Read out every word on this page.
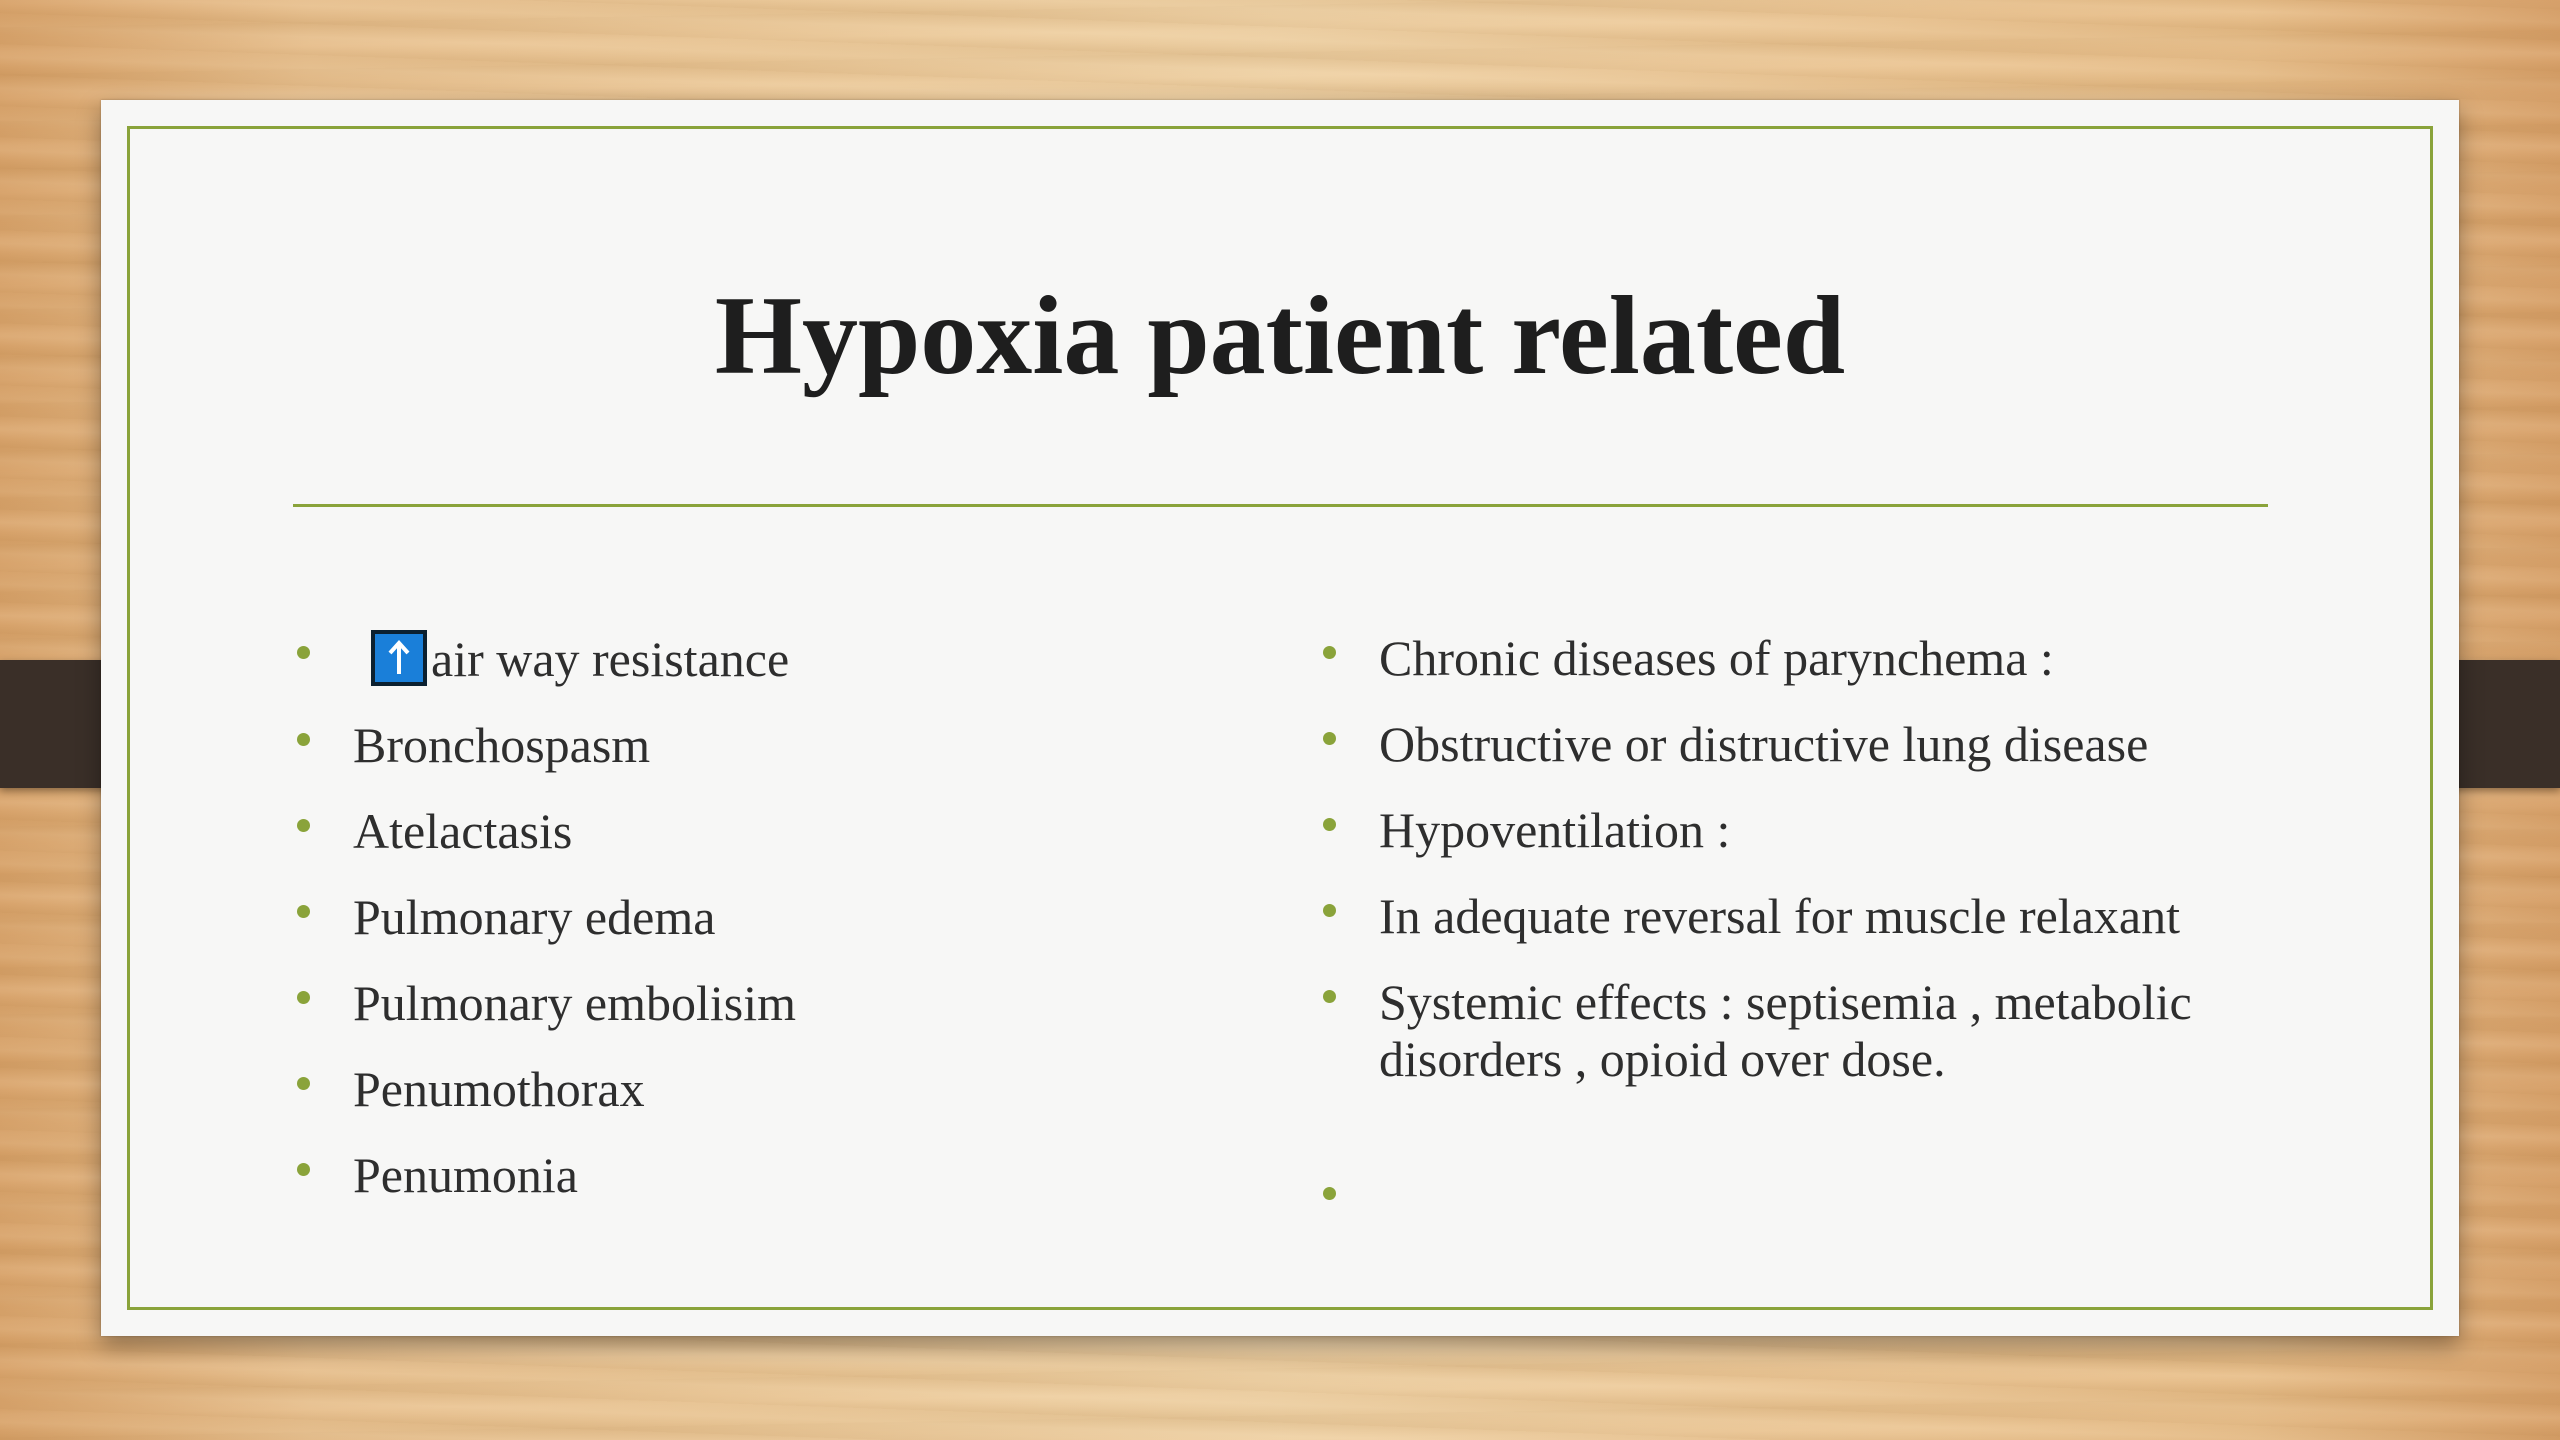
Hypoxia patient related
air way resistance
Bronchospasm
Atelactasis
Pulmonary edema
Pulmonary embolisim
Penumothorax
Penumonia
Chronic diseases of parynchema :
Obstructive or distructive lung disease
Hypoventilation :
In adequate reversal for muscle relaxant
Systemic effects : septisemia , metabolic disorders , opioid over dose.
